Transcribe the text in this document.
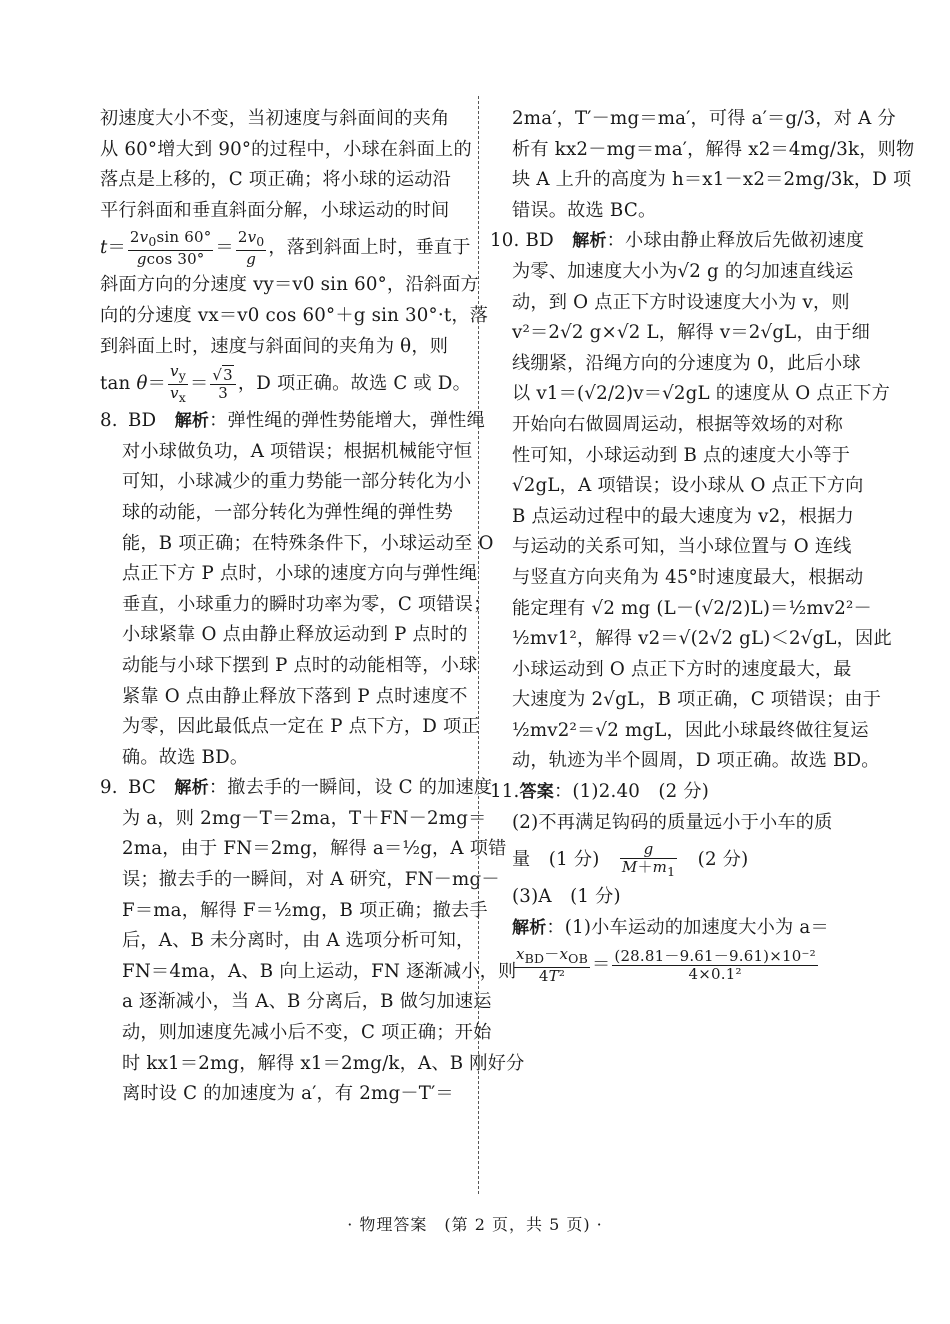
初速度大小不变，当初速度与斜面间的夹角
从 60°增大到 90°的过程中，小球在斜面上的
落点是上移的，C 项正确；将小球的运动沿
平行斜面和垂直斜面分解，小球运动的时间
$t= \frac{2v_0\sin 60^\circ}{gcos 30^\circ} = \frac{2v_0}{g}$ ，落到斜面上时，垂直于
斜面方向的分速度 vy＝v0 sin 60°，沿斜面方
向的分速度 vx＝v0 cos 60°＋g sin 30°·t，落
到斜面上时，速度与斜面间的夹角为 θ，则
$\tan \theta= \frac{v_y}{v_x} = \frac{√3}{3}$ ，D 项正确。故选 C 或 D。
8. BD　 解析：弹性绳的弹性势能增大，弹性绳
对小球做负功，A 项错误；根据机械能守恒
可知，小球减少的重力势能一部分转化为小
球的动能，一部分转化为弹性绳的弹性势
能，B 项正确；在特殊条件下，小球运动至 O
点正下方 P 点时，小球的速度方向与弹性绳
垂直，小球重力的瞬时功率为零，C 项错误；
小球紧靠 O 点由静止释放运动到 P 点时的
动能与小球下摆到 P 点时的动能相等，小球
紧靠 O 点由静止释放下落到 P 点时速度不
为零，因此最低点一定在 P 点下方，D 项正
确。故选 BD。
9. BC　 解析：撤去手的一瞬间，设 C 的加速度
为 a，则 2mg－T＝2ma，T＋FN－2mg＝
2ma，由于 FN＝2mg，解得 a＝½g，A 项错
误；撤去手的一瞬间，对 A 研究，FN－mg－
F＝ma，解得 F＝½mg，B 项正确；撤去手
后，A、B 未分离时，由 A 选项分析可知，
FN＝4ma，A、B 向上运动，FN 逐渐减小，则
a 逐渐减小，当 A、B 分离后，B 做匀加速运
动，则加速度先减小后不变，C 项正确；开始
时 kx1＝2mg，解得 x1＝2mg/k，A、B 刚好分
离时设 C 的加速度为 a′，有 2mg－T′＝
2ma′，T′－mg＝ma′，可得 a′＝g/3，对 A 分
析有 kx2－mg＝ma′，解得 x2＝4mg/3k，则物
块 A 上升的高度为 h＝x1－x2＝2mg/3k，D 项
错误。故选 BC。
10. BD　 解析：小球由静止释放后先做初速度
为零、加速度大小为√2 g 的匀加速直线运
动，到 O 点正下方时设速度大小为 v，则
v²＝2√2 g×√2 L，解得 v＝2√gL，由于细
线绷紧，沿绳方向的分速度为 0，此后小球
以 v1＝(√2/2)v＝√2gL 的速度从 O 点正下方
开始向右做圆周运动，根据等效场的对称
性可知，小球运动到 B 点的速度大小等于
√2gL，A 项错误；设小球从 O 点正下方向
B 点运动过程中的最大速度为 v2，根据力
与运动的关系可知，当小球位置与 O 连线
与竖直方向夹角为 45°时速度最大，根据动
能定理有 √2 mg (L－(√2/2)L)＝½mv2²－
½mv1²，解得 v2＝√(2√2 gL)＜2√gL，因此
小球运动到 O 点正下方时的速度最大，最
大速度为 2√gL，B 项正确，C 项错误；由于
½mv2²＝√2 mgL，因此小球最终做往复运
动，轨迹为半个圆周，D 项正确。故选 BD。
11.答案：(1)2.40　(2 分)
(2)不再满足钩码的质量远小于小车的质
量　(1 分)　 $\frac{g}{M+m_1}$
　 (2 分)
(3)A　(1 分)
解析：(1)小车运动的加速度大小为 a＝
$\frac{x_{BD}-x_{OB}}{\text{4T²}} = \frac{\text{(28.81－9.61－9.61)×10⁻²}}{\text{4×0.1²}}$
· 物理答案　(第 2 页，共 5 页) ·
